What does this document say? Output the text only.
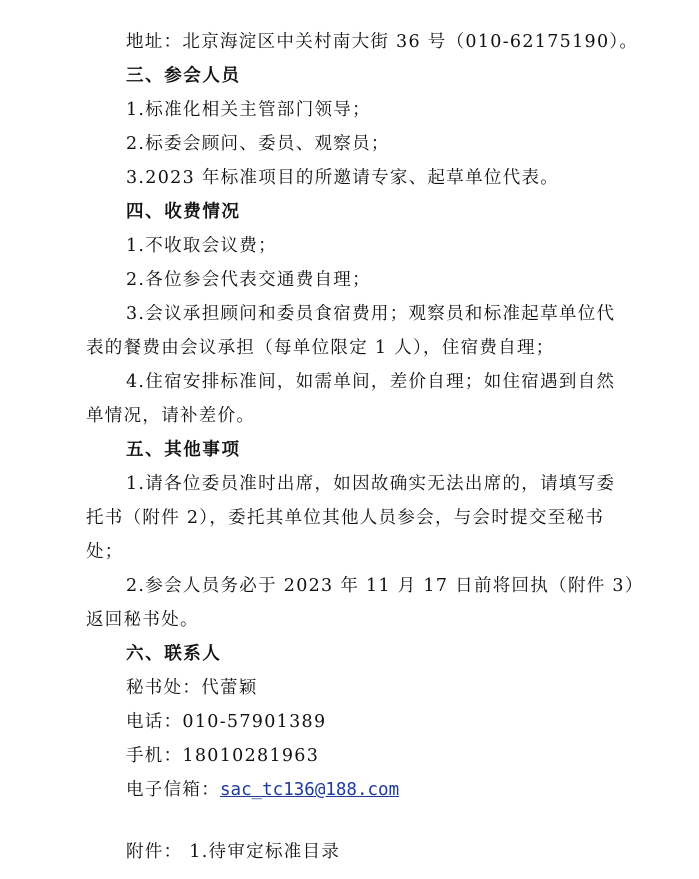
地址：北京海淀区中关村南大街 36 号（010-62175190）。
三、参会人员
1.标准化相关主管部门领导；
2.标委会顾问、委员、观察员；
3.2023 年标准项目的所邀请专家、起草单位代表。
四、收费情况
1.不收取会议费；
2.各位参会代表交通费自理；
3.会议承担顾问和委员食宿费用；观察员和标准起草单位代
表的餐费由会议承担（每单位限定 1 人），住宿费自理；
4.住宿安排标准间，如需单间，差价自理；如住宿遇到自然
单情况，请补差价。
五、其他事项
1.请各位委员准时出席，如因故确实无法出席的，请填写委
托书（附件 2），委托其单位其他人员参会，与会时提交至秘书
处；
2.参会人员务必于 2023 年 11 月 17 日前将回执（附件 3）
返回秘书处。
六、联系人
秘书处：代蕾颖
电话：010-57901389
手机：18010281963
电子信箱：sac_tc136@188.com
附件： 1.待审定标准目录
